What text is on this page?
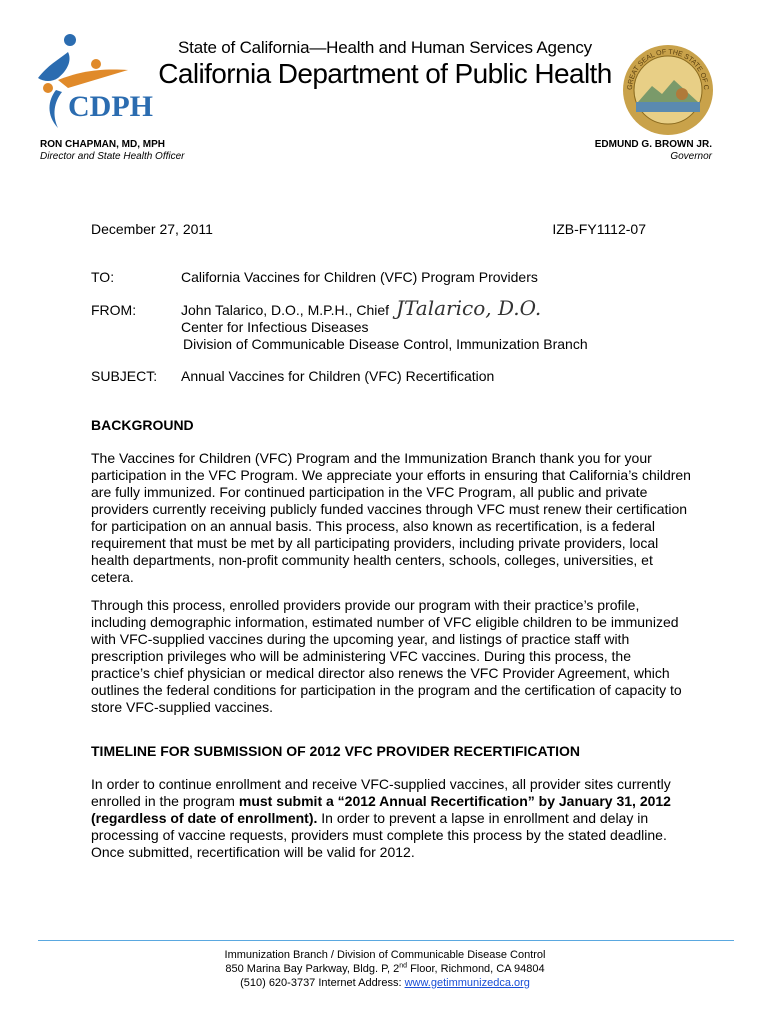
CDPH
State of California—Health and Human Services Agency
California Department of Public Health	GREAT SEAL OF THE STATE OF C
RON CHAPMAN, MD, MPH
Director and State Health Officer
EDMUND G. BROWN JR.
Governor
December 27, 2011	IZB-FY1112-07
TO:	California Vaccines for Children (VFC) Program Providers
FROM:	John Talarico, D.O., M.P.H., Chief
Center for Infectious Diseases
Division of Communicable Disease Control, Immunization Branch
JTalarico, D.O.
SUBJECT: Annual Vaccines for Children (VFC) Recertification
BACKGROUND
The Vaccines for Children (VFC) Program and the Immunization Branch thank you for your participation in the VFC Program. We appreciate your efforts in ensuring that California’s children are fully immunized. For continued participation in the VFC Program, all public and private providers currently receiving publicly funded vaccines through VFC must renew their certification for participation on an annual basis. This process, also known as recertification, is a federal requirement that must be met by all participating providers, including private providers, local health departments, non-profit community health centers, schools, colleges, universities, et cetera.
Through this process, enrolled providers provide our program with their practice’s profile, including demographic information, estimated number of VFC eligible children to be immunized with VFC-supplied vaccines during the upcoming year, and listings of practice staff with prescription privileges who will be administering VFC vaccines. During this process, the practice’s chief physician or medical director also renews the VFC Provider Agreement, which outlines the federal conditions for participation in the program and the certification of capacity to store VFC-supplied vaccines.
TIMELINE FOR SUBMISSION OF 2012 VFC PROVIDER RECERTIFICATION
In order to continue enrollment and receive VFC-supplied vaccines, all provider sites currently enrolled in the program must submit a “2012 Annual Recertification” by January 31, 2012 (regardless of date of enrollment). In order to prevent a lapse in enrollment and delay in processing of vaccine requests, providers must complete this process by the stated deadline. Once submitted, recertification will be valid for 2012.
Immunization Branch / Division of Communicable Disease Control
850 Marina Bay Parkway, Bldg. P, 2nd Floor, Richmond, CA 94804
(510) 620-3737 Internet Address: www.getimmunizedca.org
